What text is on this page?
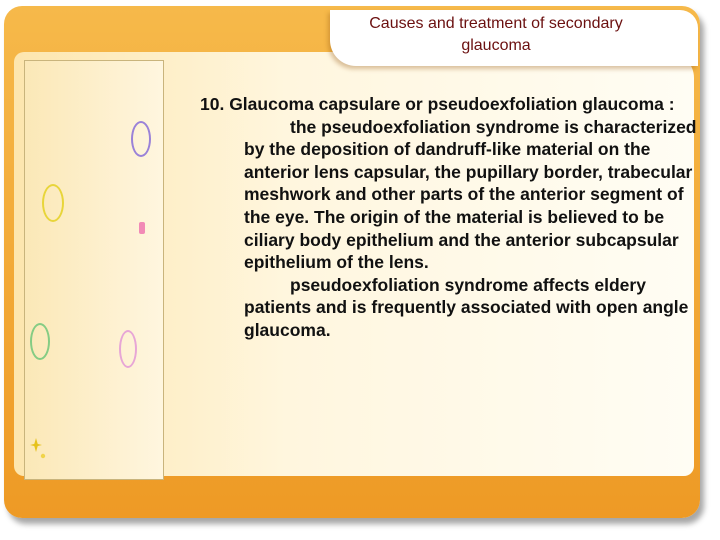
Causes and treatment of secondary
glaucoma

10. Glaucoma capsulare or pseudoexfoliation glaucoma :

the pseudoexfoliation syndrome is characterized by the deposition of dandruff-like material on the anterior lens capsular, the pupillary border, trabecular meshwork and other parts of the anterior segment of the eye. The origin of the material is believed to be ciliary body epithelium and the anterior subcapsular epithelium of the lens.

pseudoexfoliation syndrome affects eldery patients and is frequently associated with open angle glaucoma.
